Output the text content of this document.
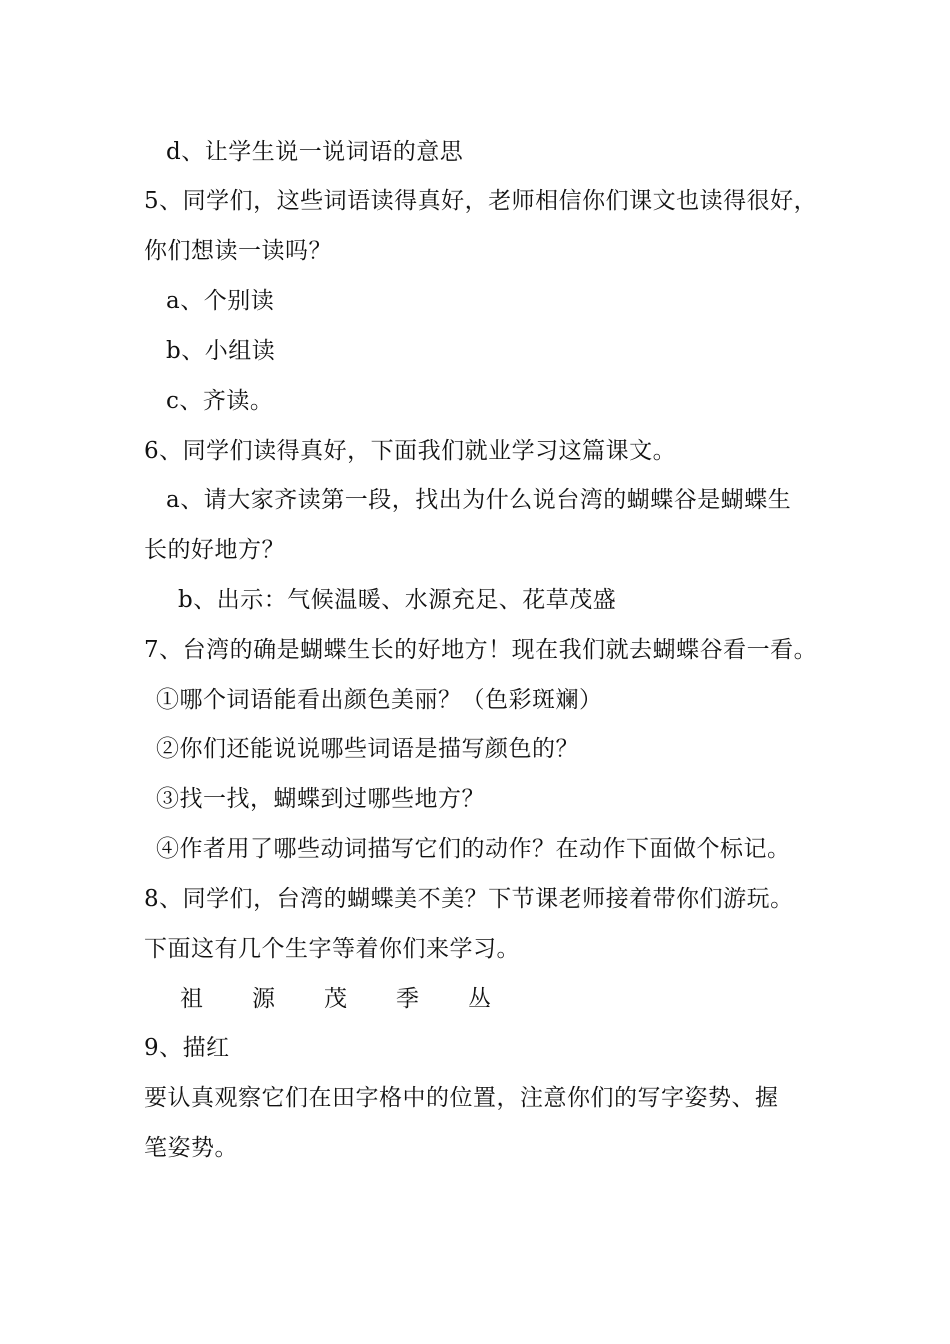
d、让学生说一说词语的意思
5、同学们，这些词语读得真好，老师相信你们课文也读得很好，
你们想读一读吗？
a、个别读
b、小组读
c、齐读。
6、同学们读得真好，下面我们就业学习这篇课文。
a、请大家齐读第一段，找出为什么说台湾的蝴蝶谷是蝴蝶生
长的好地方？
b、出示：气候温暖、水源充足、花草茂盛
7、台湾的确是蝴蝶生长的好地方！现在我们就去蝴蝶谷看一看。
①哪个词语能看出颜色美丽？（色彩斑斓）
②你们还能说说哪些词语是描写颜色的？
③找一找，蝴蝶到过哪些地方？
④作者用了哪些动词描写它们的动作？在动作下面做个标记。
8、同学们，台湾的蝴蝶美不美？下节课老师接着带你们游玩。
下面这有几个生字等着你们来学习。
祖 源 茂 季 丛
9、描红
要认真观察它们在田字格中的位置，注意你们的写字姿势、握
笔姿势。
